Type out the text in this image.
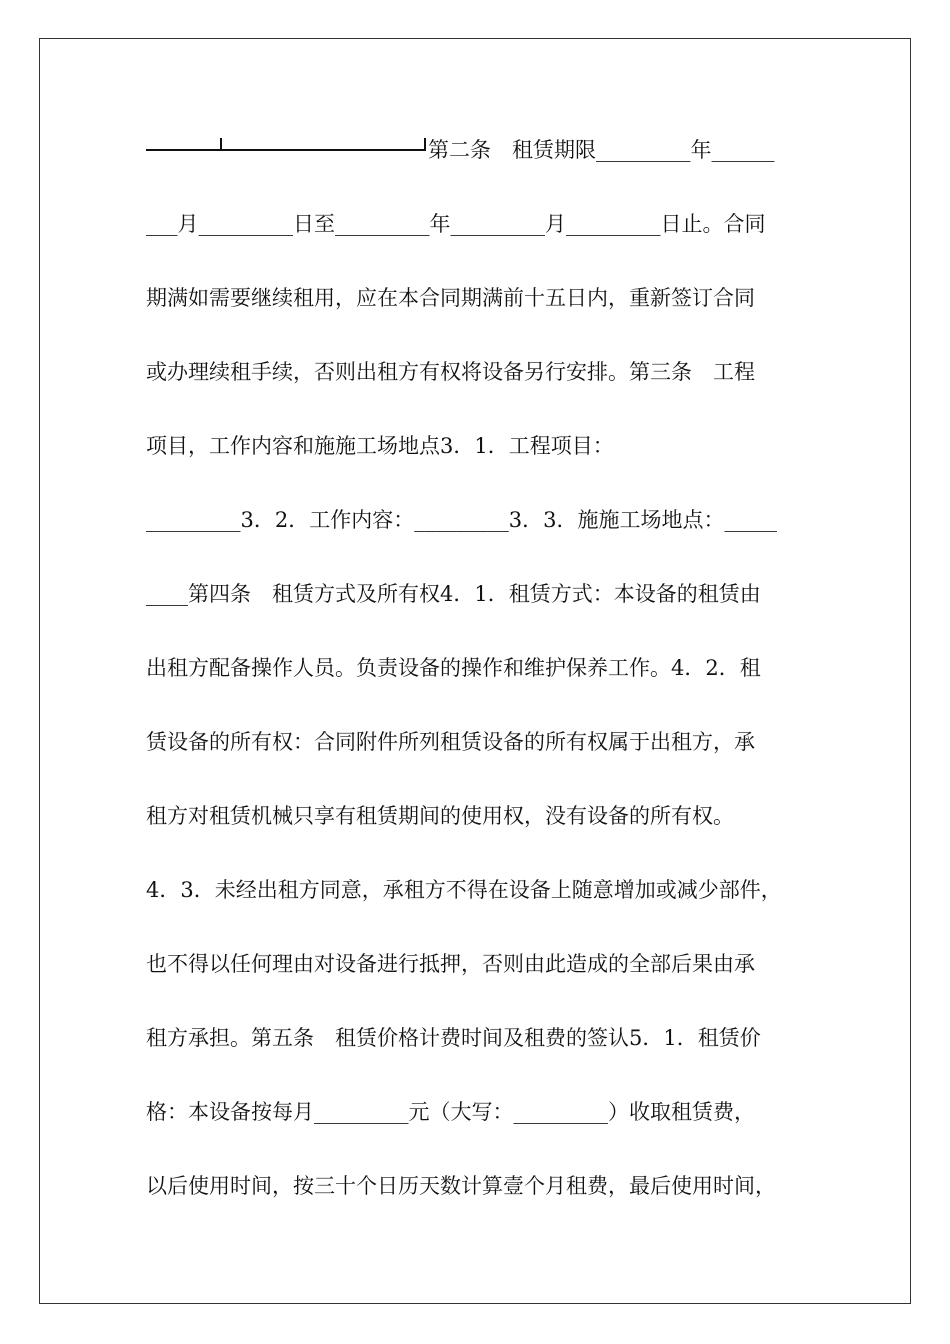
第二条　租赁期限_________年______
___月_________日至_________年_________月_________日止。合同
期满如需要继续租用，应在本合同期满前十五日内，重新签订合同
或办理续租手续，否则出租方有权将设备另行安排。第三条　工程
项目，工作内容和施施工场地点3．1．工程项目：
_________3．2．工作内容：_________3．3．施施工场地点：_____
____第四条　租赁方式及所有权4．1．租赁方式：本设备的租赁由
出租方配备操作人员。负责设备的操作和维护保养工作。4．2．租
赁设备的所有权：合同附件所列租赁设备的所有权属于出租方，承
租方对租赁机械只享有租赁期间的使用权，没有设备的所有权。
4．3．未经出租方同意，承租方不得在设备上随意增加或减少部件，
也不得以任何理由对设备进行抵押，否则由此造成的全部后果由承
租方承担。第五条　租赁价格计费时间及租费的签认5．1．租赁价
格：本设备按每月_________元（大写：_________）收取租赁费，
以后使用时间，按三十个日历天数计算壹个月租费，最后使用时间，
